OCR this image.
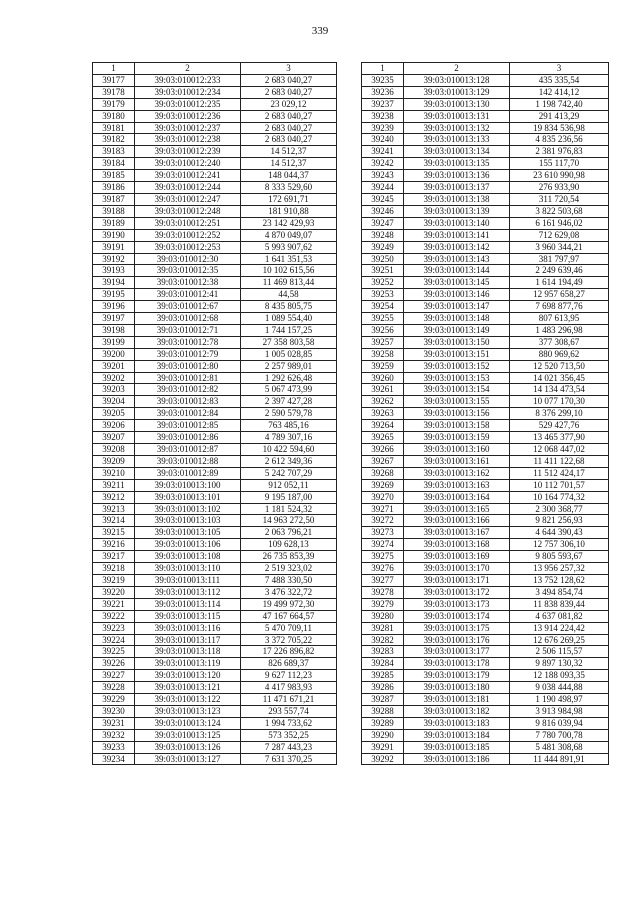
339
1	2	3
39177	39:03:010012:233	2 683 040,27
39178	39:03:010012:234	2 683 040,27
39179	39:03:010012:235	23 029,12
39180	39:03:010012:236	2 683 040,27
39181	39:03:010012:237	2 683 040,27
39182	39:03:010012:238	2 683 040,27
39183	39:03:010012:239	14 512,37
39184	39:03:010012:240	14 512,37
39185	39:03:010012:241	148 044,37
39186	39:03:010012:244	8 333 529,60
39187	39:03:010012:247	172 691,71
39188	39:03:010012:248	181 910,88
39189	39:03:010012:251	23 142 429,93
39190	39:03:010012:252	4 870 049,07
39191	39:03:010012:253	5 993 907,62
39192	39:03:010012:30	1 641 351,53
39193	39:03:010012:35	10 102 615,56
39194	39:03:010012:38	11 469 813,44
39195	39:03:010012:41	44,58
39196	39:03:010012:67	8 435 805,75
39197	39:03:010012:68	1 089 554,40
39198	39:03:010012:71	1 744 157,25
39199	39:03:010012:78	27 358 803,58
39200	39:03:010012:79	1 005 028,85
39201	39:03:010012:80	2 257 989,01
39202	39:03:010012:81	1 292 626,48
39203	39:03:010012:82	5 067 473,99
39204	39:03:010012:83	2 397 427,28
39205	39:03:010012:84	2 590 579,78
39206	39:03:010012:85	763 485,16
39207	39:03:010012:86	4 789 307,16
39208	39:03:010012:87	10 422 594,60
39209	39:03:010012:88	2 612 349,36
39210	39:03:010012:89	5 242 707,29
39211	39:03:010013:100	912 052,11
39212	39:03:010013:101	9 195 187,00
39213	39:03:010013:102	1 181 524,32
39214	39:03:010013:103	14 963 272,50
39215	39:03:010013:105	2 063 796,21
39216	39:03:010013:106	109 628,13
39217	39:03:010013:108	26 735 853,39
39218	39:03:010013:110	2 519 323,02
39219	39:03:010013:111	7 488 330,50
39220	39:03:010013:112	3 476 322,72
39221	39:03:010013:114	19 499 972,30
39222	39:03:010013:115	47 167 664,57
39223	39:03:010013:116	5 470 709,11
39224	39:03:010013:117	3 372 705,22
39225	39:03:010013:118	17 226 896,82
39226	39:03:010013:119	826 689,37
39227	39:03:010013:120	9 627 112,23
39228	39:03:010013:121	4 417 983,93
39229	39:03:010013:122	11 471 671,21
39230	39:03:010013:123	293 557,74
39231	39:03:010013:124	1 994 733,62
39232	39:03:010013:125	573 352,25
39233	39:03:010013:126	7 287 443,23
39234	39:03:010013:127	7 631 370,25
1	2	3
39235	39:03:010013:128	435 335,54
39236	39:03:010013:129	142 414,12
39237	39:03:010013:130	1 198 742,40
39238	39:03:010013:131	291 413,29
39239	39:03:010013:132	19 834 536,98
39240	39:03:010013:133	4 835 236,56
39241	39:03:010013:134	2 381 976,83
39242	39:03:010013:135	155 117,70
39243	39:03:010013:136	23 610 990,98
39244	39:03:010013:137	276 933,90
39245	39:03:010013:138	311 720,54
39246	39:03:010013:139	3 822 503,68
39247	39:03:010013:140	6 161 946,02
39248	39:03:010013:141	712 629,08
39249	39:03:010013:142	3 960 344,21
39250	39:03:010013:143	381 797,97
39251	39:03:010013:144	2 249 639,46
39252	39:03:010013:145	1 614 194,49
39253	39:03:010013:146	12 957 658,27
39254	39:03:010013:147	7 698 877,76
39255	39:03:010013:148	807 613,95
39256	39:03:010013:149	1 483 296,98
39257	39:03:010013:150	377 308,67
39258	39:03:010013:151	880 969,62
39259	39:03:010013:152	12 520 713,50
39260	39:03:010013:153	14 021 356,45
39261	39:03:010013:154	14 134 473,54
39262	39:03:010013:155	10 077 170,30
39263	39:03:010013:156	8 376 299,10
39264	39:03:010013:158	529 427,76
39265	39:03:010013:159	13 465 377,90
39266	39:03:010013:160	12 068 447,02
39267	39:03:010013:161	11 411 122,68
39268	39:03:010013:162	11 512 424,17
39269	39:03:010013:163	10 112 701,57
39270	39:03:010013:164	10 164 774,32
39271	39:03:010013:165	2 300 368,77
39272	39:03:010013:166	9 821 256,93
39273	39:03:010013:167	4 644 390,43
39274	39:03:010013:168	12 757 306,10
39275	39:03:010013:169	9 805 593,67
39276	39:03:010013:170	13 956 257,32
39277	39:03:010013:171	13 752 128,62
39278	39:03:010013:172	3 494 854,74
39279	39:03:010013:173	11 838 839,44
39280	39:03:010013:174	4 637 081,82
39281	39:03:010013:175	13 914 224,42
39282	39:03:010013:176	12 676 269,25
39283	39:03:010013:177	2 506 115,57
39284	39:03:010013:178	9 897 130,32
39285	39:03:010013:179	12 188 093,35
39286	39:03:010013:180	9 038 444,88
39287	39:03:010013:181	1 190 498,97
39288	39:03:010013:182	3 913 984,98
39289	39:03:010013:183	9 816 039,94
39290	39:03:010013:184	7 780 700,78
39291	39:03:010013:185	5 481 308,68
39292	39:03:010013:186	11 444 891,91
